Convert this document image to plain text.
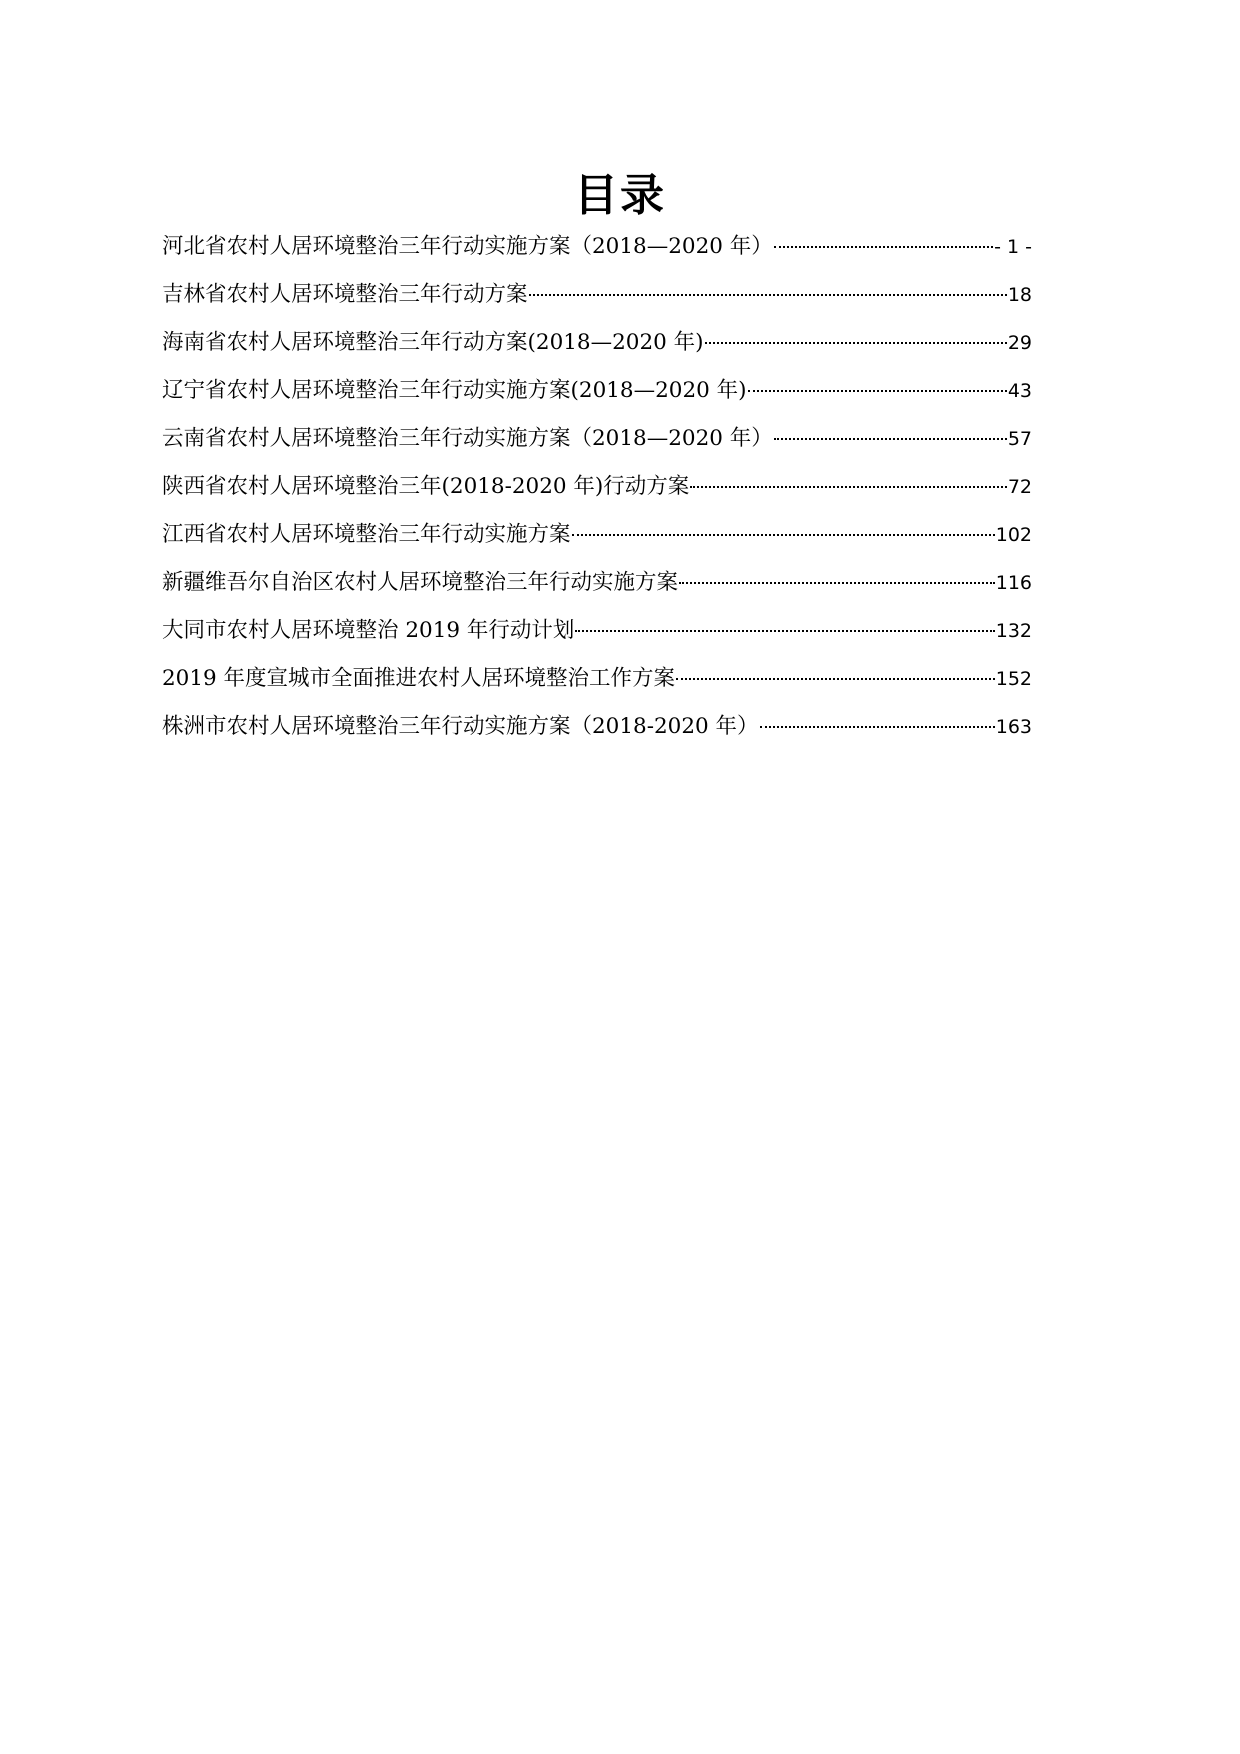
目录
河北省农村人居环境整治三年行动实施方案（2018—2020 年）	- 1 -
吉林省农村人居环境整治三年行动方案	18
海南省农村人居环境整治三年行动方案(2018—2020 年)	29
辽宁省农村人居环境整治三年行动实施方案(2018—2020 年)	43
云南省农村人居环境整治三年行动实施方案（2018—2020 年）	57
陕西省农村人居环境整治三年(2018-2020 年)行动方案	72
江西省农村人居环境整治三年行动实施方案	102
新疆维吾尔自治区农村人居环境整治三年行动实施方案	116
大同市农村人居环境整治 2019 年行动计划	132
2019 年度宣城市全面推进农村人居环境整治工作方案	152
株洲市农村人居环境整治三年行动实施方案（2018-2020 年）	163
